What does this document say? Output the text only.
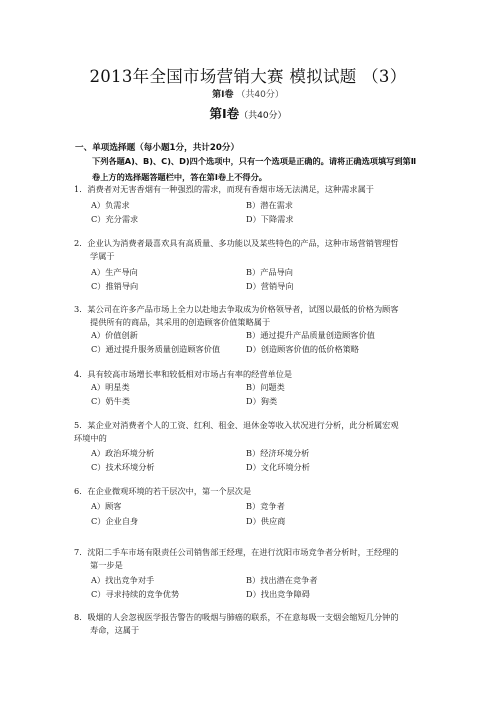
2013年全国市场营销大赛 模拟试题 （3）
第Ⅰ卷 （共40分）
第Ⅰ卷（共40分）
一、单项选择题（每小题1分，共计20分）
下列各题A)、B)、C)、D)四个选项中，只有一个选项是正确的。请将正确选项填写到第Ⅱ卷上方的选择题答题栏中，答在第Ⅰ卷上不得分。
1．消费者对无害香烟有一种强烈的需求，而现有香烟市场无法满足，这种需求属于
A）负需求	B）潜在需求
C）充分需求	D）下降需求
2．企业认为消费者最喜欢具有高质量、多功能以及某些特色的产品，这种市场营销管理哲
学属于
A）生产导向	B）产品导向
C）推销导向	D）营销导向
3．某公司在许多产品市场上全力以赴地去争取成为价格领导者，试图以最低的价格为顾客
提供所有的商品，其采用的创造顾客价值策略属于
A）价值创新	B）通过提升产品质量创造顾客价值
C）通过提升服务质量创造顾客价值	D）创造顾客价值的低价格策略
4．具有较高市场增长率和较低相对市场占有率的经营单位是
A）明星类	B）问题类
C）奶牛类	D）狗类
5．某企业对消费者个人的工资、红利、租金、退休金等收入状况进行分析，此分析属宏观
环境中的
A）政治环境分析	B）经济环境分析
C）技术环境分析	D）文化环境分析
6．在企业微观环境的若干层次中，第一个层次是
A）顾客	B）竞争者
C）企业自身	D）供应商
7．沈阳二手车市场有限责任公司销售部王经理，在进行沈阳市场竞争者分析时，王经理的
第一步是
A）找出竞争对手	B）找出潜在竞争者
C）寻求持续的竞争优势	D）找出竞争障碍
8．吸烟的人会忽视医学报告警告的吸烟与肺癌的联系，不在意每吸一支烟会缩短几分钟的
寿命，这属于
